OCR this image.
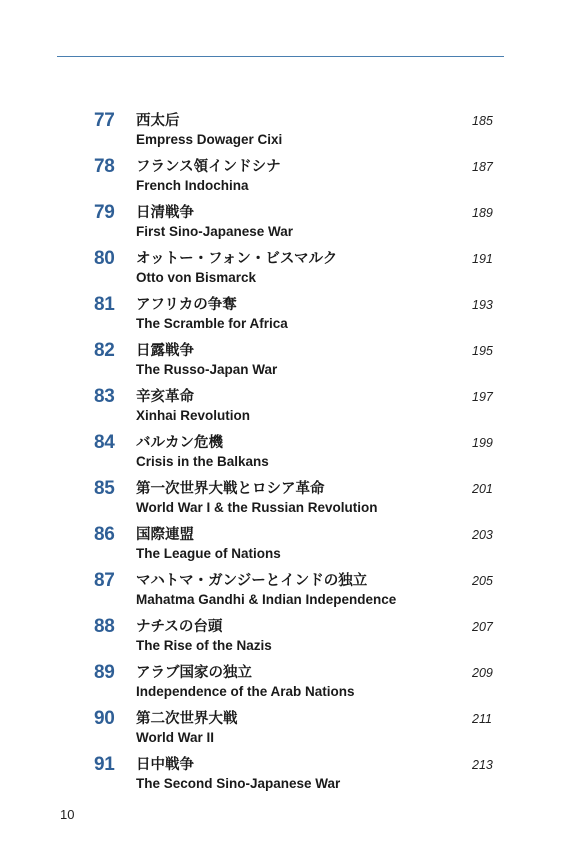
77 西太后
Empress Dowager Cixi
185
78 フランス領インドシナ
French Indochina
187
79 日清戦争
First Sino-Japanese War
189
80 オットー・フォン・ビスマルク
Otto von Bismarck
191
81 アフリカの争奪
The Scramble for Africa
193
82 日露戦争
The Russo-Japan War
195
83 辛亥革命
Xinhai Revolution
197
84 バルカン危機
Crisis in the Balkans
199
85 第一次世界大戦とロシア革命
World War I & the Russian Revolution
201
86 国際連盟
The League of Nations
203
87 マハトマ・ガンジーとインドの独立
Mahatma Gandhi & Indian Independence
205
88 ナチスの台頭
The Rise of the Nazis
207
89 アラブ国家の独立
Independence of the Arab Nations
209
90 第二次世界大戦
World War II
211
91 日中戦争
The Second Sino-Japanese War
213
10
